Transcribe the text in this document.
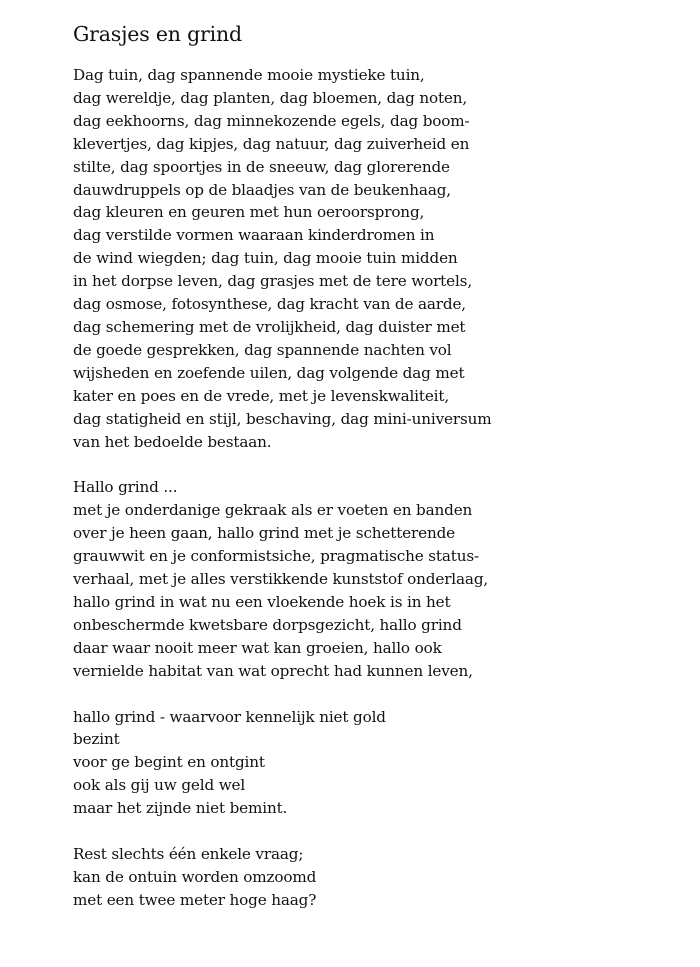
Grasjes en grind
Dag tuin, dag spannende mooie mystieke tuin,
dag wereldje, dag planten, dag bloemen, dag noten,
dag eekhoorns, dag minnekozende egels, dag boom-
klevertjes, dag kipjes, dag natuur, dag zuiverheid en
stilte, dag spoortjes in de sneeuw, dag glorerende
dauwdruppels op de blaadjes van de beukenhaag,
dag kleuren en geuren met hun oeroorsprong,
dag verstilde vormen waaraan kinderdromen in
de wind wiegden; dag tuin, dag mooie tuin midden
in het dorpse leven, dag grasjes met de tere wortels,
dag osmose, fotosynthese, dag kracht van de aarde,
dag schemering met de vrolijkheid, dag duister met
de goede gesprekken, dag spannende nachten vol
wijsheden en zoefende uilen, dag volgende dag met
kater en poes en de vrede, met je levenskwaliteit,
dag statigheid en stijl, beschaving, dag mini-universum
van het bedoelde bestaan.
Hallo grind ...
met je onderdanige gekraak als er voeten en banden
over je heen gaan, hallo grind met je schetterende
grauwwit en je conformistsiche, pragmatische status-
verhaal, met je alles verstikkende kunststof onderlaag,
hallo grind in wat nu een vloekende hoek is in het
onbeschermde kwetsbare dorpsgezicht, hallo grind
daar waar nooit meer wat kan groeien, hallo ook
vernielde habitat van wat oprecht had kunnen leven,
hallo grind - waarvoor kennelijk niet gold
bezint
voor ge begint en ontgint
ook als gij uw geld wel
maar het zijnde niet bemint.
Rest slechts één enkele vraag;
kan de ontuin worden omzoomd
met een twee meter hoge haag?
